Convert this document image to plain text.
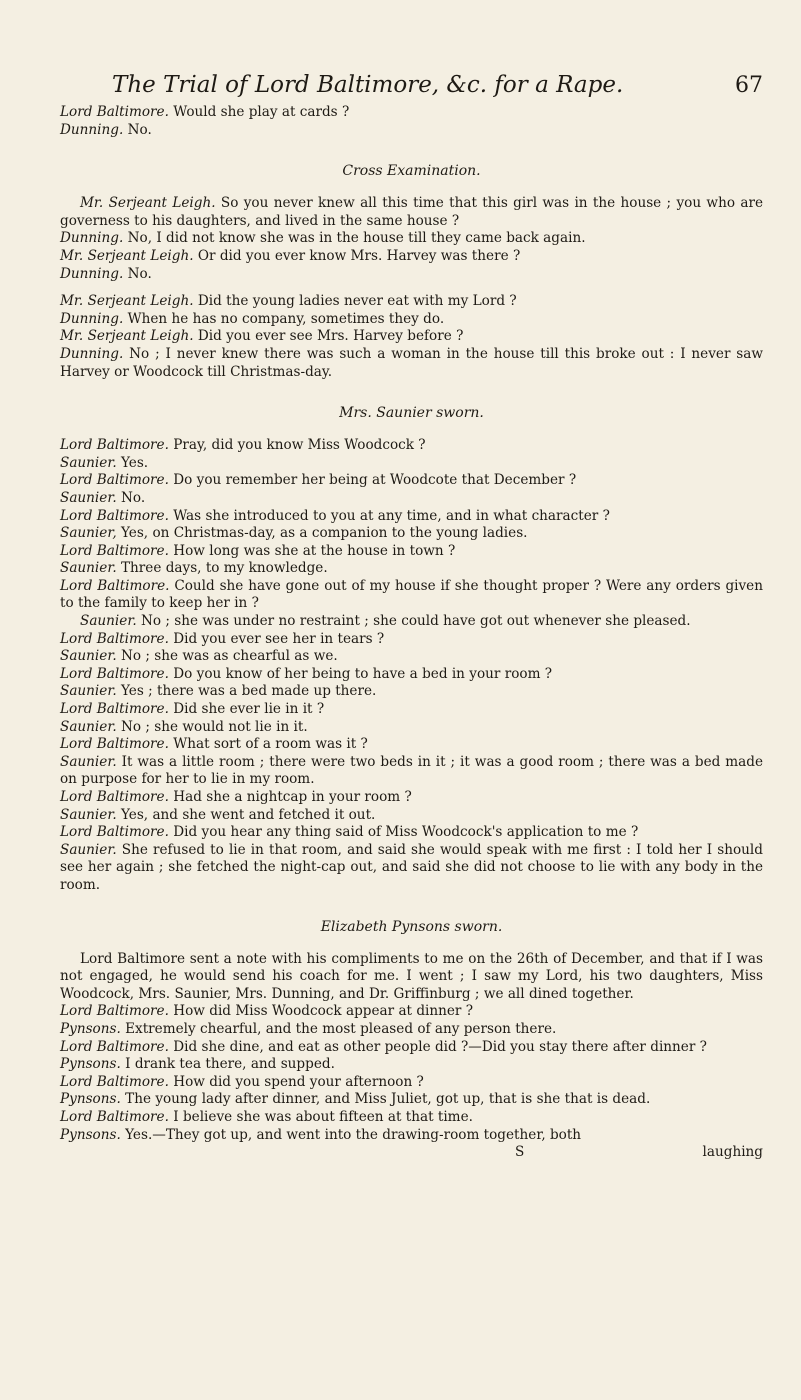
The Trial of Lord Baltimore, &c. for a Rape.	67

Lord Baltimore. Would she play at cards ?

Dunning. No.

Cross Examination.

Mr. Serjeant Leigh. So you never knew all this time that this girl was in the house ; you who are governess to his daughters, and lived in the same house ?

Dunning. No, I did not know she was in the house till they came back again.

Mr. Serjeant Leigh. Or did you ever know Mrs. Harvey was there ?

Dunning. No.

Mr. Serjeant Leigh. Did the young ladies never eat with my Lord ?

Dunning. When he has no company, sometimes they do.

Mr. Serjeant Leigh. Did you ever see Mrs. Harvey before ?

Dunning. No ; I never knew there was such a woman in the house till this broke out : I never saw Harvey or Woodcock till Christmas-day.

Mrs. Saunier sworn.

Lord Baltimore. Pray, did you know Miss Woodcock ?

Saunier. Yes.

Lord Baltimore. Do you remember her being at Woodcote that December ?

Saunier. No.

Lord Baltimore. Was she introduced to you at any time, and in what character ?

Saunier, Yes, on Christmas-day, as a companion to the young ladies.

Lord Baltimore. How long was she at the house in town ?

Saunier. Three days, to my knowledge.

Lord Baltimore. Could she have gone out of my house if she thought proper ? Were any orders given to the family to keep her in ?

Saunier. No ; she was under no restraint ; she could have got out whenever she pleased.

Lord Baltimore. Did you ever see her in tears ?

Saunier. No ; she was as chearful as we.

Lord Baltimore. Do you know of her being to have a bed in your room ?

Saunier. Yes ; there was a bed made up there.

Lord Baltimore. Did she ever lie in it ?

Saunier. No ; she would not lie in it.

Lord Baltimore. What sort of a room was it ?

Saunier. It was a little room ; there were two beds in it ; it was a good room ; there was a bed made on purpose for her to lie in my room.

Lord Baltimore. Had she a nightcap in your room ?

Saunier. Yes, and she went and fetched it out.

Lord Baltimore. Did you hear any thing said of Miss Woodcock's application to me ?

Saunier. She refused to lie in that room, and said she would speak with me first : I told her I should see her again ; she fetched the night-cap out, and said she did not choose to lie with any body in the room.

Elizabeth Pynsons sworn.

Lord Baltimore sent a note with his compliments to me on the 26th of December, and that if I was not engaged, he would send his coach for me. I went ; I saw my Lord, his two daughters, Miss Woodcock, Mrs. Saunier, Mrs. Dunning, and Dr. Griffinburg ; we all dined together.

Lord Baltimore. How did Miss Woodcock appear at dinner ?

Pynsons. Extremely chearful, and the most pleased of any person there.

Lord Baltimore. Did she dine, and eat as other people did ?—Did you stay there after dinner ?

Pynsons. I drank tea there, and supped.

Lord Baltimore. How did you spend your afternoon ?

Pynsons. The young lady after dinner, and Miss Juliet, got up, that is she that is dead.

Lord Baltimore. I believe she was about fifteen at that time.

Pynsons. Yes.—They got up, and went into the drawing-room together, both

S	laughing
